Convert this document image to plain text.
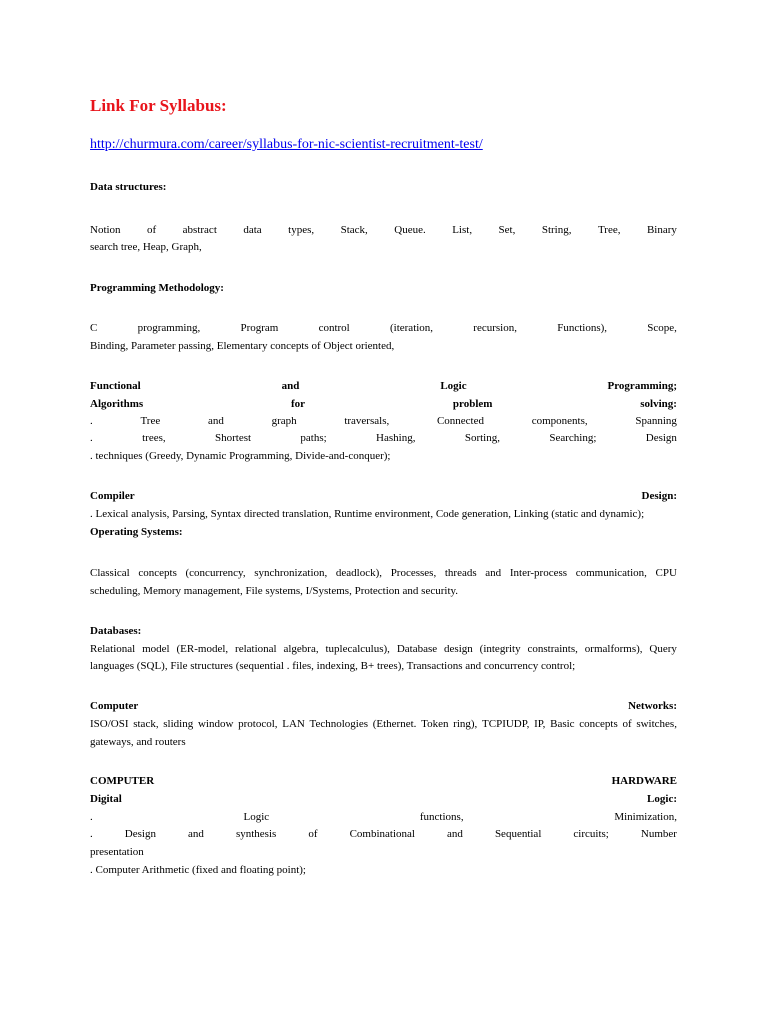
Link For Syllabus:
http://churmura.com/career/syllabus-for-nic-scientist-recruitment-test/
Data structures:
Notion of abstract data types, Stack, Queue. List, Set, String, Tree, Binary
search tree, Heap, Graph,
Programming Methodology:
C	programming,	Program	control	(iteration,	recursion,	Functions),	Scope,
Binding, Parameter passing, Elementary concepts of Object oriented,
Functional	and	Logic	Programming;
Algorithms	for	problem	solving:
.	Tree	and	graph	traversals,	Connected	components,	Spanning
.	trees,	Shortest	paths;	Hashing,	Sorting,	Searching;	Design
. techniques (Greedy, Dynamic Programming, Divide-and-conquer);
Compiler	Design:
. Lexical analysis, Parsing, Syntax directed translation, Runtime environment, Code generation, Linking (static and dynamic);
Operating Systems:
Classical concepts (concurrency, synchronization, deadlock), Processes, threads and Inter-process communication, CPU
scheduling, Memory management, File systems, I/Systems, Protection and security.
Databases:
Relational model (ER-model, relational algebra, tuplecalculus), Database design (integrity constraints, ormalforms), Query
languages (SQL), File structures (sequential . files, indexing, B+ trees), Transactions and concurrency control;
Computer	Networks:
ISO/OSI stack, sliding window protocol, LAN Technologies (Ethernet. Token ring), TCPIUDP, IP, Basic concepts of switches,
gateways, and routers
COMPUTER	HARDWARE
Digital	Logic:
.	Logic	functions,	Minimization,
.	Design	and	synthesis	of	Combinational	and	Sequential	circuits;	Number
presentation
. Computer Arithmetic (fixed and floating point);
